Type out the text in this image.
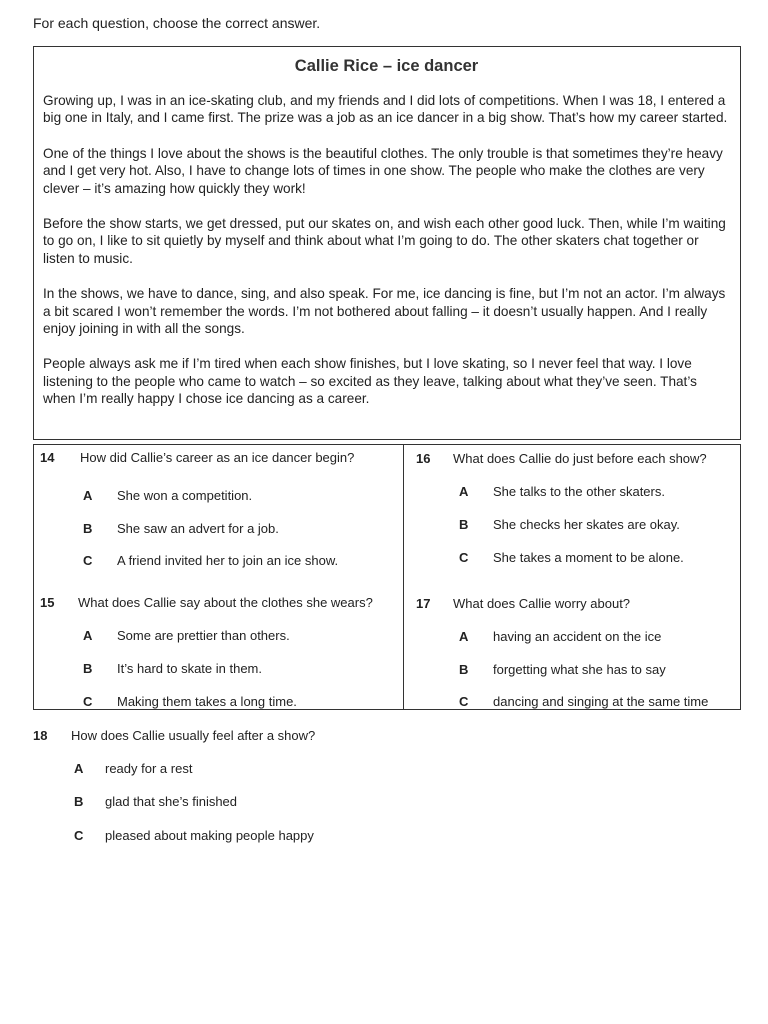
For each question, choose the correct answer.
Callie Rice – ice dancer

Growing up, I was in an ice-skating club, and my friends and I did lots of competitions. When I was 18, I entered a big one in Italy, and I came first. The prize was a job as an ice dancer in a big show. That’s how my career started.

One of the things I love about the shows is the beautiful clothes. The only trouble is that sometimes they’re heavy and I get very hot. Also, I have to change lots of times in one show. The people who make the clothes are very clever – it’s amazing how quickly they work!

Before the show starts, we get dressed, put our skates on, and wish each other good luck. Then, while I’m waiting to go on, I like to sit quietly by myself and think about what I’m going to do. The other skaters chat together or listen to music.

In the shows, we have to dance, sing, and also speak. For me, ice dancing is fine, but I’m not an actor. I’m always a bit scared I won’t remember the words. I’m not bothered about falling – it doesn’t usually happen. And I really enjoy joining in with all the songs.

People always ask me if I’m tired when each show finishes, but I love skating, so I never feel that way. I love listening to the people who came to watch – so excited as they leave, talking about what they’ve seen. That’s when I’m really happy I chose ice dancing as a career.

14 How did Callie’s career as an ice dancer begin?
A She won a competition.
B She saw an advert for a job.
C A friend invited her to join an ice show.
15 What does Callie say about the clothes she wears?
A Some are prettier than others.
B It’s hard to skate in them.
C Making them takes a long time.
16 What does Callie do just before each show?
A She talks to the other skaters.
B She checks her skates are okay.
C She takes a moment to be alone.
17 What does Callie worry about?
A having an accident on the ice
B forgetting what she has to say
C dancing and singing at the same time
18 How does Callie usually feel after a show?
A ready for a rest
B glad that she’s finished
C pleased about making people happy
